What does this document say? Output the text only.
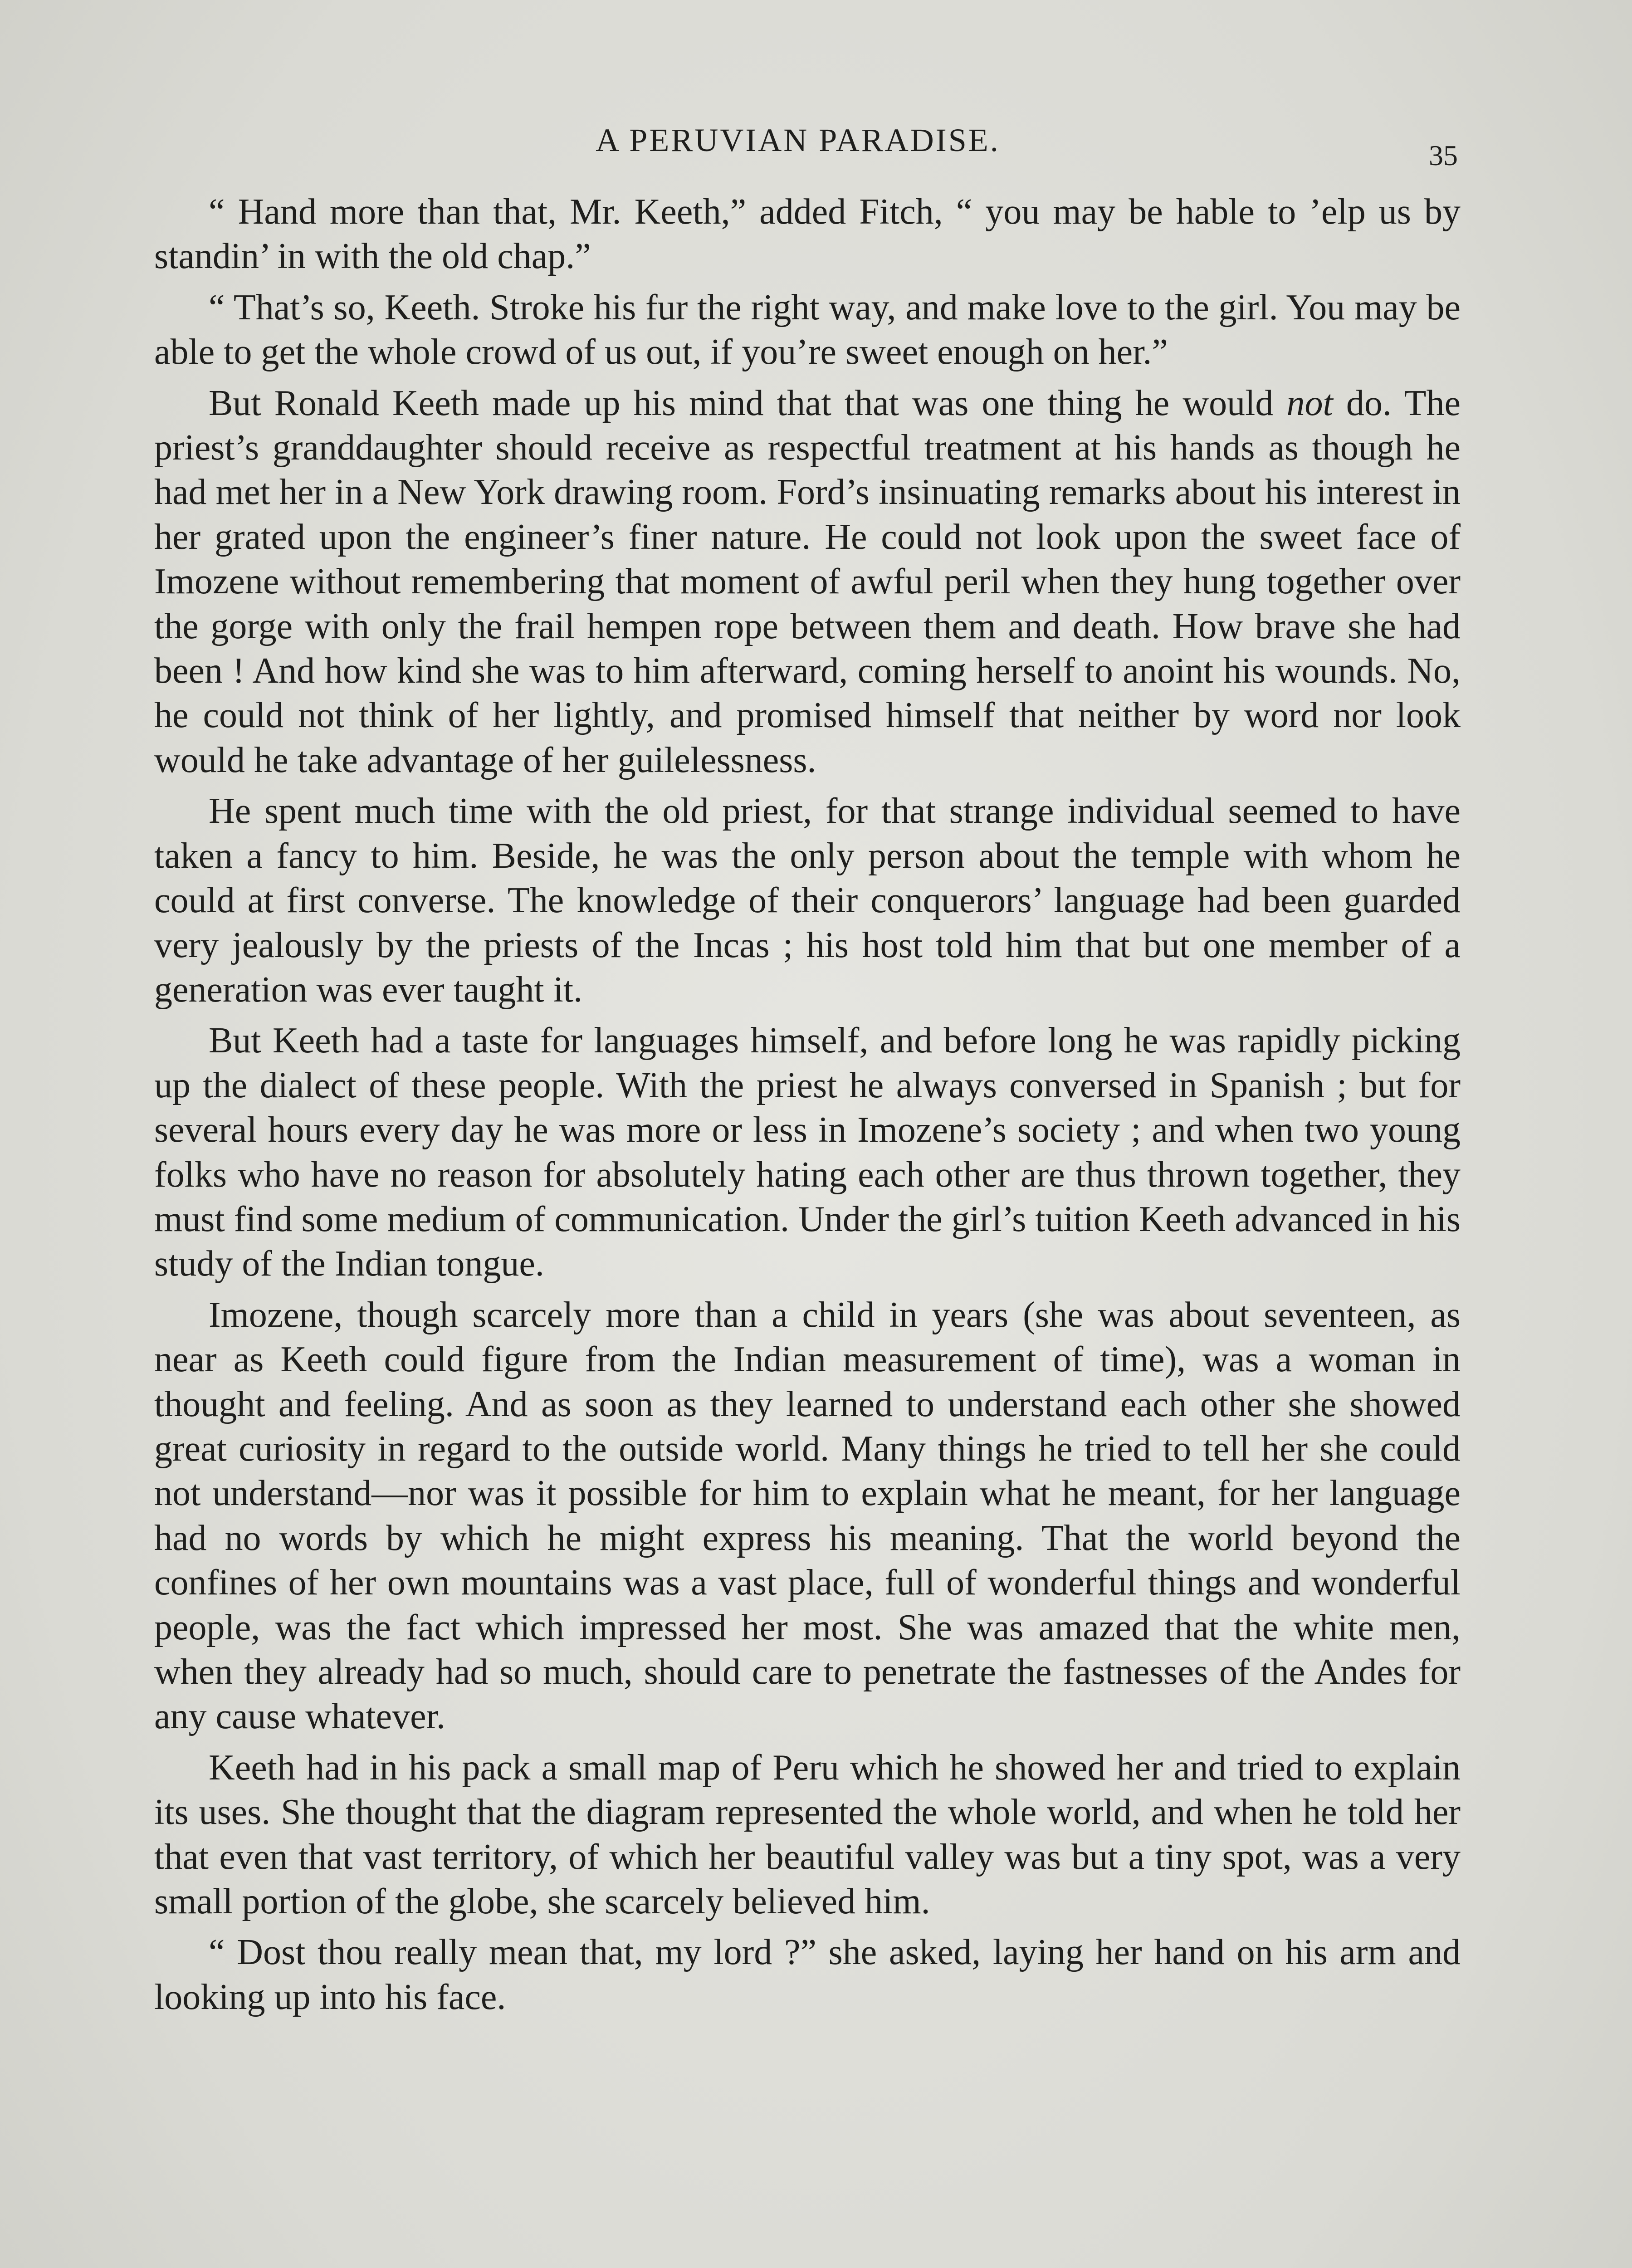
A PERUVIAN PARADISE.	35

“ Hand more than that, Mr. Keeth,” added Fitch, “ you may be hable to ’elp us by standin’ in with the old chap.”

“ That’s so, Keeth. Stroke his fur the right way, and make love to the girl. You may be able to get the whole crowd of us out, if you’re sweet enough on her.”

But Ronald Keeth made up his mind that that was one thing he would not do. The priest’s granddaughter should receive as respectful treatment at his hands as though he had met her in a New York drawing room. Ford’s insinuating remarks about his interest in her grated upon the engineer’s finer nature. He could not look upon the sweet face of Imozene without remembering that moment of awful peril when they hung together over the gorge with only the frail hempen rope between them and death. How brave she had been ! And how kind she was to him afterward, coming herself to anoint his wounds. No, he could not think of her lightly, and promised himself that neither by word nor look would he take advantage of her guilelessness.

He spent much time with the old priest, for that strange individual seemed to have taken a fancy to him. Beside, he was the only person about the temple with whom he could at first converse. The knowledge of their conquerors’ language had been guarded very jealously by the priests of the Incas ; his host told him that but one member of a generation was ever taught it.

But Keeth had a taste for languages himself, and before long he was rapidly picking up the dialect of these people. With the priest he always conversed in Spanish ; but for several hours every day he was more or less in Imozene’s society ; and when two young folks who have no reason for absolutely hating each other are thus thrown together, they must find some medium of communication. Under the girl’s tuition Keeth advanced in his study of the Indian tongue.

Imozene, though scarcely more than a child in years (she was about seventeen, as near as Keeth could figure from the Indian measurement of time), was a woman in thought and feeling. And as soon as they learned to understand each other she showed great curiosity in regard to the outside world. Many things he tried to tell her she could not understand—nor was it possible for him to explain what he meant, for her language had no words by which he might express his meaning. That the world beyond the confines of her own mountains was a vast place, full of wonderful things and wonderful people, was the fact which impressed her most. She was amazed that the white men, when they already had so much, should care to penetrate the fastnesses of the Andes for any cause whatever.

Keeth had in his pack a small map of Peru which he showed her and tried to explain its uses. She thought that the diagram represented the whole world, and when he told her that even that vast territory, of which her beautiful valley was but a tiny spot, was a very small portion of the globe, she scarcely believed him.

“ Dost thou really mean that, my lord ?” she asked, laying her hand on his arm and looking up into his face.
